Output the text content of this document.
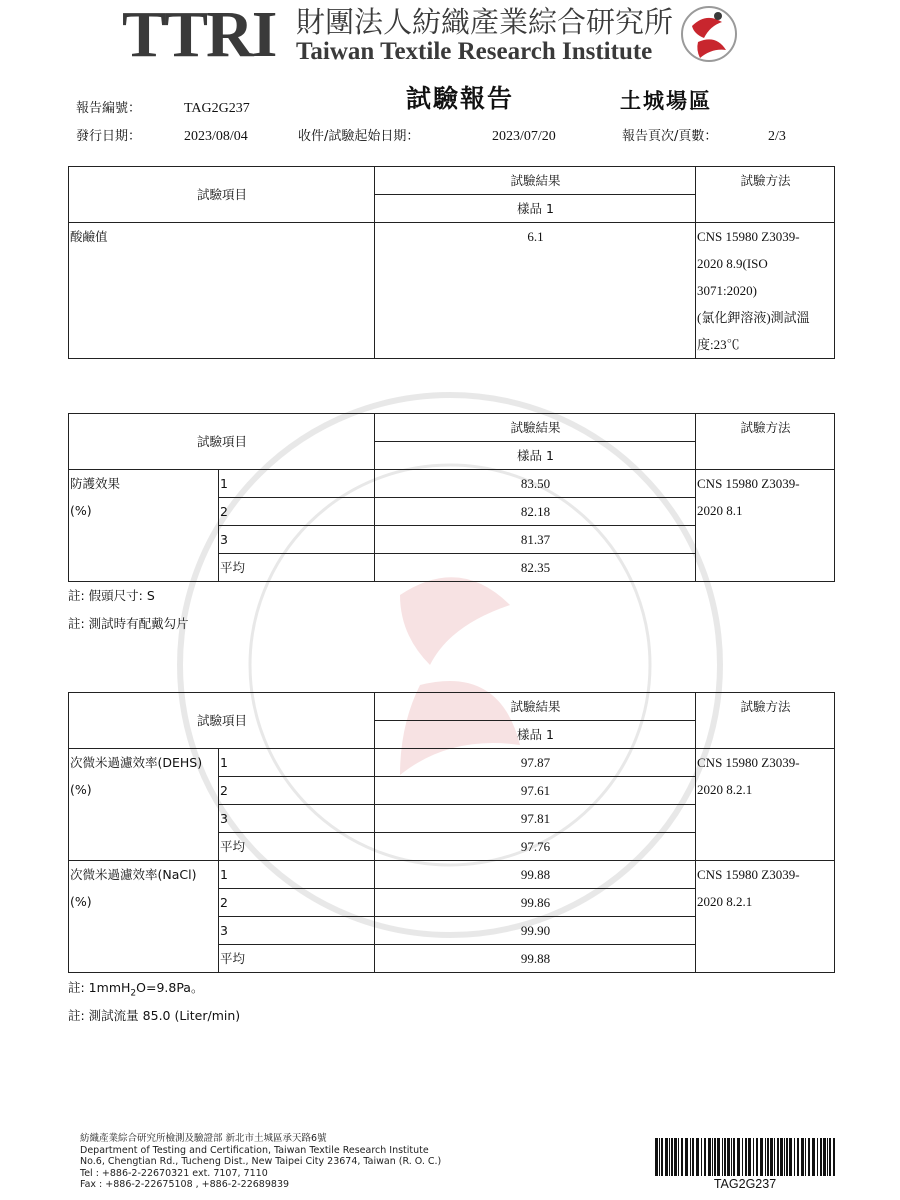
TTRI 財團法人紡織產業綜合研究所
Taiwan Textile Research Institute
試驗報告	土城場區
報告編號：	TAG2G237
發行日期：	2023/08/04	收件/試驗起始日期：	2023/07/20	報告頁次/頁數：	2/3
試驗項目	試驗結果	試驗方法
	樣品 1	
酸鹼值	6.1	CNS 15980 Z3039-
2020 8.9(ISO
3071:2020)
(氯化鉀溶液)測試溫
度:23℃
試驗項目		試驗結果	試驗方法
		樣品 1	

防護效果
(%)	1	83.50	CNS 15980 Z3039-
2020 8.1

	2	82.18	
	3	81.37	
	平均	82.35	
註: 假頭尺寸: S
註: 測試時有配戴勾片
試驗項目		試驗結果	試驗方法
		樣品 1	

次微米過濾效率(DEHS)
(%)	1	97.87	CNS 15980 Z3039-
2020 8.2.1

	2	97.61	
	3	97.81	
	平均	97.76	

次微米過濾效率(NaCl)
(%)	1	99.88	CNS 15980 Z3039-
2020 8.2.1

	2	99.86	
	3	99.90	
	平均	99.88	
註: 1mmH$_2$O=9.8Pa。
註: 測試流量 85.0 (Liter/min)
紡織產業綜合研究所檢測及驗證部 新北市土城區承天路6號
Department of Testing and Certification, Taiwan Textile Research Institute
No.6, Chengtian Rd., Tucheng Dist., New Taipei City 23674, Taiwan (R. O. C.)
Tel : +886-2-22670321 ext. 7107, 7110
Fax : +886-2-22675108 , +886-2-22689839	TAG2G237
